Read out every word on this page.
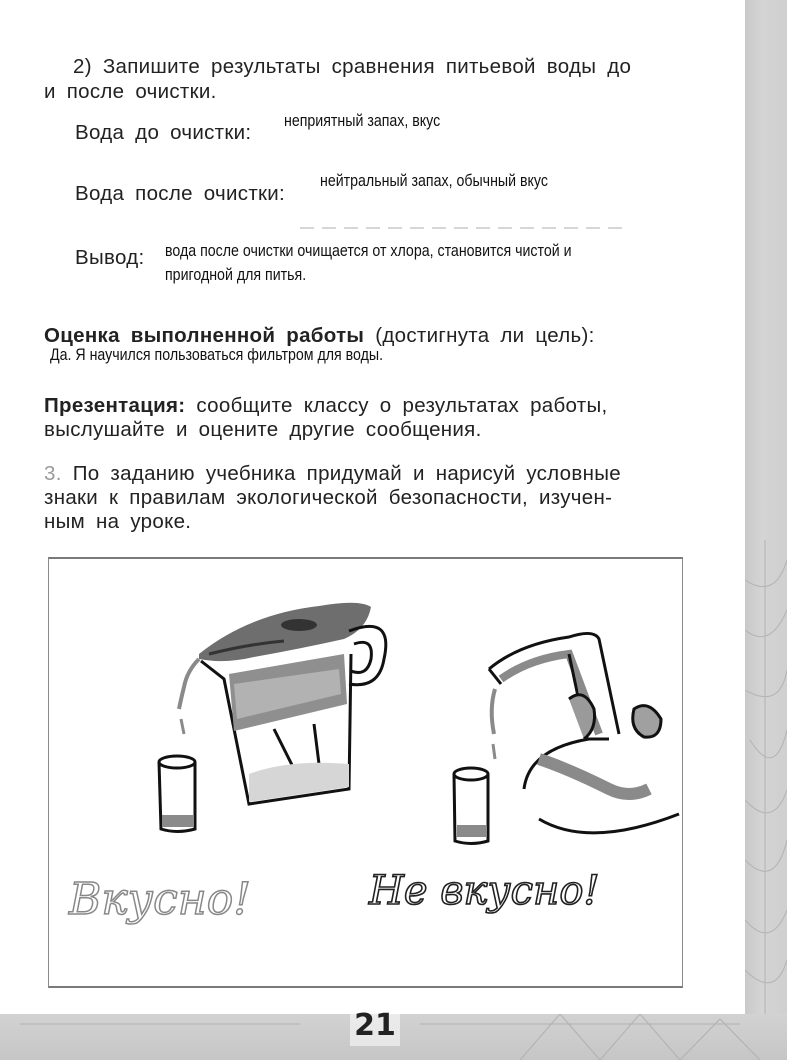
21
2) Запишите результаты сравнения питьевой воды до
и после очистки.
Вода до очистки: неприятный запах, вкус
Вода после очистки:
нейтральный запах, обычный вкус
Вывод: вода после очистки очищается от хлора, становится чистой и
пригодной для питья.
Оценка выполненной работы (достигнута ли цель):
Да. Я научился пользоваться фильтром для воды.
Презентация: сообщите классу о результатах работы,
выслушайте и оцените другие сообщения.
3. По заданию учебника придумай и нарисуй условные
знаки к правилам экологической безопасности, изучен-
ным на уроке.
Вкусно!	Не вкусно!
